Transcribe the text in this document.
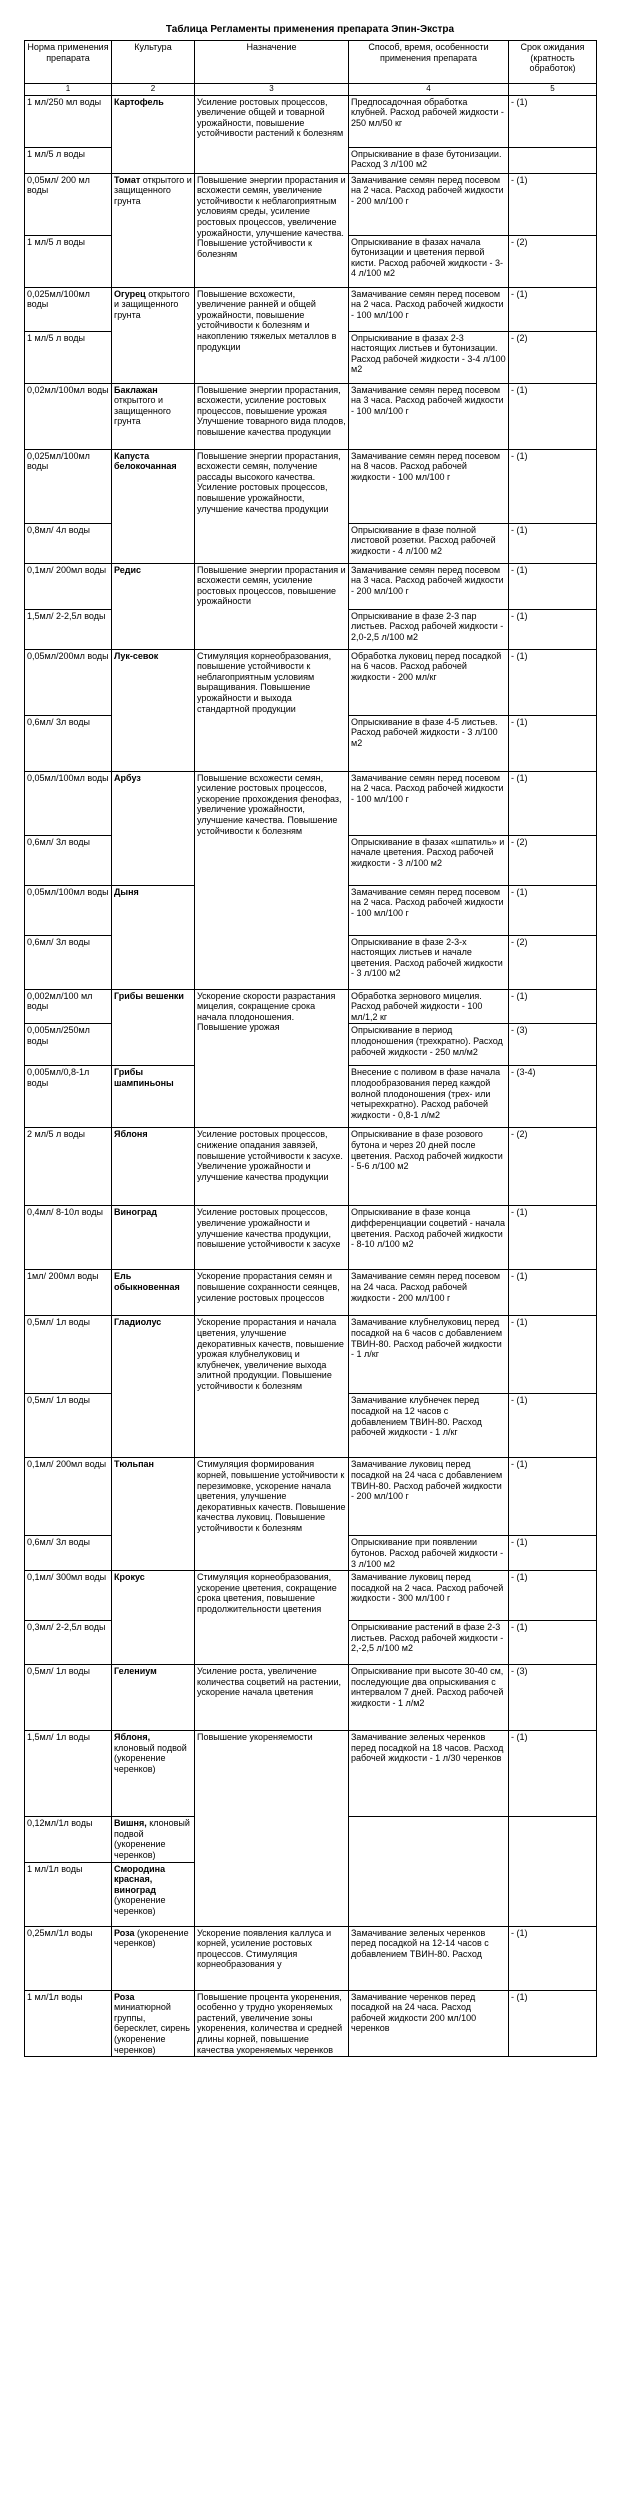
Таблица Регламенты применения препарата Эпин-Экстра
Норма применения препарата	Культура	Назначение	Способ, время, особенности применения препарата	Срок ожидания (кратность обработок)
1	2	3	4	5
1 мл/250 мл воды	Картофель	Усиление ростовых процессов, увеличение общей и товарной урожайности, повышение устойчивости растений к болезням	Предпосадочная обработка клубней. Расход рабочей жидкости - 250 мл/50 кг	- (1)
1 мл/5 л воды			Опрыскивание в фазе бутонизации. Расход 3 л/100 м2	
0,05мл/ 200 мл воды	Томат открытого и защищенного грунта	Повышение энергии прорастания и всхожести семян, увеличение устойчивости к неблагоприятным условиям среды, усиление ростовых процессов, увеличение урожайности, улучшение качества. Повышение устойчивости к болезням	Замачивание семян перед посевом на 2 часа. Расход рабочей жидкости - 200 мл/100 г	- (1)
1 мл/5 л воды			Опрыскивание в фазах начала бутонизации и цветения первой кисти. Расход рабочей жидкости - 3-4 л/100 м2	- (2)
0,025мл/100мл воды	Огурец открытого и защищенного грунта	Повышение всхожести, увеличение ранней и общей урожайности, повышение устойчивости к болезням и накоплению тяжелых металлов в продукции	Замачивание семян перед посевом на 2 часа. Расход рабочей жидкости - 100 мл/100 г	- (1)
1 мл/5 л воды			Опрыскивание в фазах 2-3 настоящих листьев и бутонизации. Расход рабочей жидкости - 3-4 л/100 м2	- (2)
0,02мл/100мл воды	Баклажан открытого и защищенного грунта	Повышение энергии прорастания, всхожести, усиление ростовых процессов, повышение урожая Улучшение товарного вида плодов, повышение качества продукции	Замачивание семян перед посевом на 3 часа. Расход рабочей жидкости - 100 мл/100 г	- (1)
0,025мл/100мл воды	Капуста белокочанная	Повышение энергии прорастания, всхожести семян, получение рассады высокого качества. Усиление ростовых процессов, повышение урожайности, улучшение качества продукции	Замачивание семян перед посевом на 8 часов. Расход рабочей жидкости - 100 мл/100 г	- (1)
0,8мл/ 4л воды			Опрыскивание в фазе полной листовой розетки. Расход рабочей жидкости - 4 л/100 м2	- (1)
0,1мл/ 200мл воды	Редис	Повышение энергии прорастания и всхожести семян, усиление ростовых процессов, повышение урожайности	Замачивание семян перед посевом на 3 часа. Расход рабочей жидкости - 200 мл/100 г	- (1)
1,5мл/ 2-2,5л воды			Опрыскивание в фазе 2-3 пар листьев. Расход рабочей жидкости - 2,0-2,5 л/100 м2	- (1)
0,05мл/200мл воды	Лук-севок	Стимуляция корнеобразования, повышение устойчивости к неблагоприятным условиям выращивания. Повышение урожайности и выхода стандартной продукции	Обработка луковиц перед посадкой на 6 часов. Расход рабочей жидкости - 200 мл/кг	- (1)
0,6мл/ 3л воды			Опрыскивание в фазе 4-5 листьев. Расход рабочей жидкости - 3 л/100 м2	- (1)
0,05мл/100мл воды	Арбуз	Повышение всхожести семян, усиление ростовых процессов, ускорение прохождения фенофаз, увеличение урожайности, улучшение качества. Повышение устойчивости к болезням	Замачивание семян перед посевом на 2 часа. Расход рабочей жидкости - 100 мл/100 г	- (1)
0,6мл/ 3л воды			Опрыскивание в фазах «шпатиль» и начале цветения. Расход рабочей жидкости - 3 л/100 м2	- (2)
0,05мл/100мл воды	Дыня		Замачивание семян перед посевом на 2 часа. Расход рабочей жидкости - 100 мл/100 г	- (1)
0,6мл/ 3л воды			Опрыскивание в фазе 2-3-х настоящих листьев и начале цветения. Расход рабочей жидкости - 3 л/100 м2	- (2)
0,002мл/100 мл воды	Грибы вешенки	Ускорение скорости разрастания мицелия, сокращение срока начала плодоношения. Повышение урожая	Обработка зернового мицелия. Расход рабочей жидкости - 100 мл/1,2 кг	- (1)
0,005мл/250мл воды			Опрыскивание в период плодоношения (трехкратно). Расход рабочей жидкости - 250 мл/м2	- (3)
0,005мл/0,8-1л воды	Грибы шампиньоны		Внесение с поливом в фазе начала плодообразования перед каждой волной плодоношения (трех- или четырехкратно). Расход рабочей жидкости - 0,8-1 л/м2	- (3-4)
2 мл/5 л воды	Яблоня	Усиление ростовых процессов, снижение опадания завязей, повышение устойчивости к засухе. Увеличение урожайности и улучшение качества продукции	Опрыскивание в фазе розового бутона и через 20 дней после цветения. Расход рабочей жидкости - 5-6 л/100 м2	- (2)
0,4мл/ 8-10л воды	Виноград	Усиление ростовых процессов, увеличение урожайности и улучшение качества продукции, повышение устойчивости к засухе	Опрыскивание в фазе конца дифференциации соцветий - начала цветения. Расход рабочей жидкости - 8-10 л/100 м2	- (1)
1мл/ 200мл воды	Ель обыкновенная	Ускорение прорастания семян и повышение сохранности сеянцев, усиление ростовых процессов	Замачивание семян перед посевом на 24 часа. Расход рабочей жидкости - 200 мл/100 г	- (1)
0,5мл/ 1л воды	Гладиолус	Ускорение прорастания и начала цветения, улучшение декоративных качеств, повышение урожая клубнелуковиц и клубнечек, увеличение выхода элитной продукции. Повышение устойчивости к болезням	Замачивание клубнелуковиц перед посадкой на 6 часов с добавлением ТВИН-80. Расход рабочей жидкости - 1 л/кг	- (1)
0,5мл/ 1л воды			Замачивание клубнечек перед посадкой на 12 часов с добавлением ТВИН-80. Расход рабочей жидкости - 1 л/кг	- (1)
0,1мл/ 200мл воды	Тюльпан	Стимуляция формирования корней, повышение устойчивости к перезимовке, ускорение начала цветения, улучшение декоративных качеств. Повышение качества луковиц. Повышение устойчивости к болезням	Замачивание луковиц перед посадкой на 24 часа с добавлением ТВИН-80. Расход рабочей жидкости - 200 мл/100 г	- (1)
0,6мл/ 3л воды			Опрыскивание при появлении бутонов. Расход рабочей жидкости - 3 л/100 м2	- (1)
0,1мл/ 300мл воды	Крокус	Стимуляция корнеобразования, ускорение цветения, сокращение срока цветения, повышение продолжительности цветения	Замачивание луковиц перед посадкой на 2 часа. Расход рабочей жидкости - 300 мл/100 г	- (1)
0,3мл/ 2-2,5л воды			Опрыскивание растений в фазе 2-3 листьев. Расход рабочей жидкости - 2,-2,5 л/100 м2	- (1)
0,5мл/ 1л воды	Гелениум	Усиление роста, увеличение количества соцветий на растении, ускорение начала цветения	Опрыскивание при высоте 30-40 см, последующие два опрыскивания с интервалом 7 дней. Расход рабочей жидкости - 1 л/м2	- (3)
1,5мл/ 1л воды	Яблоня, клоновый подвой (укоренение черенков)	Повышение укореняемости	Замачивание зеленых черенков перед посадкой на 18 часов. Расход рабочей жидкости - 1 л/30 черенков	- (1)
0,12мл/1л воды	Вишня, клоновый подвой (укоренение черенков)			
1 мл/1л воды	Смородина красная, виноград (укоренение черенков)			
0,25мл/1л воды	Роза (укоренение черенков)	Ускорение появления каллуса и корней, усиление ростовых процессов. Стимуляция корнеобразования у	Замачивание зеленых черенков перед посадкой на 12-14 часов с добавлением ТВИН-80. Расход	- (1)
1 мл/1л воды	Роза миниатюрной группы, бересклет, сирень (укоренение черенков)	Повышение процента укоренения, особенно у трудно укореняемых растений, увеличение зоны укоренения, количества и средней длины корней, повышение качества укореняемых черенков	Замачивание черенков перед посадкой на 24 часа. Расход рабочей жидкости 200 мл/100 черенков	- (1)
